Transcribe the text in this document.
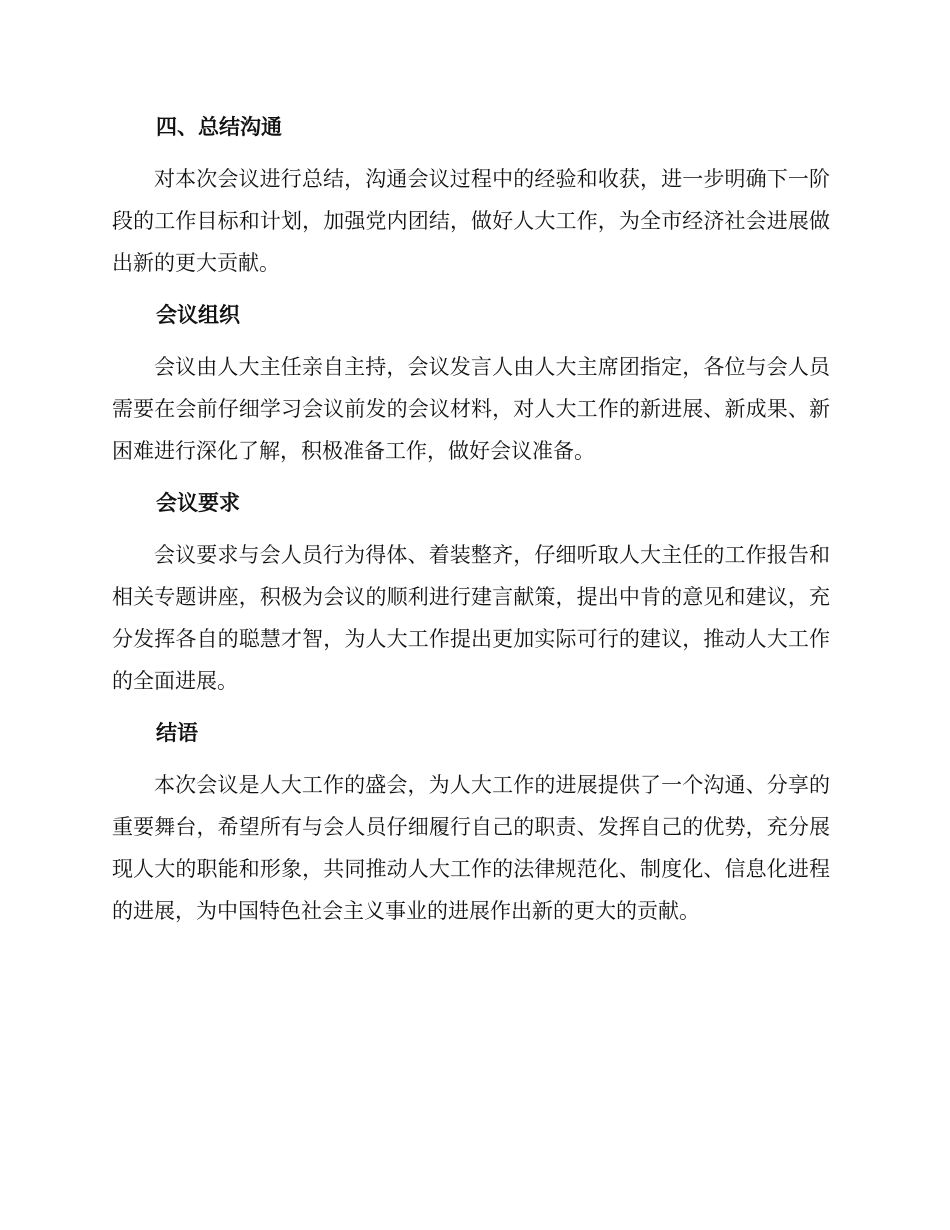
四、总结沟通

对本次会议进行总结，沟通会议过程中的经验和收获，进一步明确下一阶段的工作目标和计划，加强党内团结，做好人大工作，为全市经济社会进展做出新的更大贡献。

会议组织

会议由人大主任亲自主持，会议发言人由人大主席团指定，各位与会人员需要在会前仔细学习会议前发的会议材料，对人大工作的新进展、新成果、新困难进行深化了解，积极准备工作，做好会议准备。

会议要求

会议要求与会人员行为得体、着装整齐，仔细听取人大主任的工作报告和相关专题讲座，积极为会议的顺利进行建言献策，提出中肯的意见和建议，充分发挥各自的聪慧才智，为人大工作提出更加实际可行的建议，推动人大工作的全面进展。

结语

本次会议是人大工作的盛会，为人大工作的进展提供了一个沟通、分享的重要舞台，希望所有与会人员仔细履行自己的职责、发挥自己的优势，充分展现人大的职能和形象，共同推动人大工作的法律规范化、制度化、信息化进程的进展，为中国特色社会主义事业的进展作出新的更大的贡献。
